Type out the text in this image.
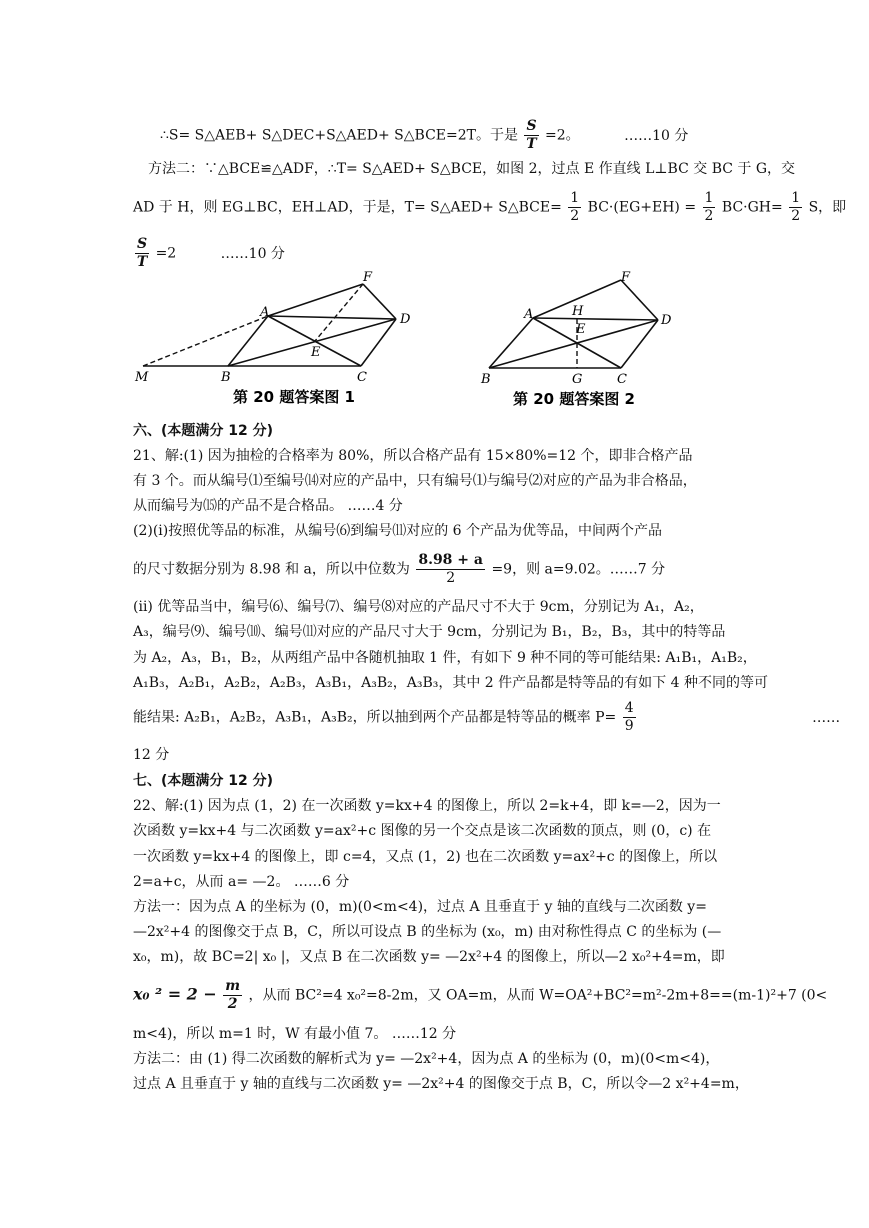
∴S= S△AEB+ S△DEC+S△AED+ S△BCE=2T。于是 $\frac{S}{T} =2$。	……10 分
方法二：∵△BCE≌△ADF，∴T= S△AED+ S△BCE，如图 2，过点 E 作直线 L⊥BC 交 BC 于 G，交
AD 于 H，则 EG⊥BC，EH⊥AD，于是，T= S△AED+ S△BCE= $\frac{1}{2} BC\cdot(EG+EH) = \frac{1}{2} BC\cdot GH= \frac{1}{2}$ S，即
$\frac{S}{T} =2$	……10 分
A
B	C
D
E
F
M
第 20 题答案图 1
A
B	C
D
E
F
G
H
第 20 题答案图 2
六、(本题满分 12 分)
21、解:(1) 因为抽检的合格率为 80%，所以合格产品有 15×80%=12 个，即非合格产品
有 3 个。而从编号⑴至编号⒁对应的产品中，只有编号⑴与编号⑵对应的产品为非合格品，
从而编号为⒂的产品不是合格品。 ……4 分
(2)(ⅰ)按照优等品的标准，从编号⑹到编号⑾对应的 6 个产品为优等品，中间两个产品
的尺寸数据分别为 8.98 和 a，所以中位数为 $\frac{8.98 + a}{2} =9$，则 a=9.02。……7 分
(ⅱ) 优等品当中，编号⑹、编号⑺、编号⑻对应的产品尺寸不大于 9cm，分别记为 A₁，A₂，
A₃，编号⑼、编号⑽、编号⑾对应的产品尺寸大于 9cm，分别记为 B₁，B₂，B₃，其中的特等品
为 A₂，A₃，B₁，B₂，从两组产品中各随机抽取 1 件，有如下 9 种不同的等可能结果: A₁B₁，A₁B₂，
A₁B₃，A₂B₁，A₂B₂，A₂B₃，A₃B₁，A₃B₂，A₃B₃，其中 2 件产品都是特等品的有如下 4 种不同的等可
能结果: A₂B₁，A₂B₂，A₃B₁，A₃B₂，所以抽到两个产品都是特等品的概率 $P= \frac{4}{9}$	……
12 分
七、(本题满分 12 分)
22、解:(1) 因为点 (1，2) 在一次函数 y=kx+4 的图像上，所以 2=k+4，即 k=—2，因为一
次函数 y=kx+4 与二次函数 y=ax²+c 图像的另一个交点是该二次函数的顶点，则 (0，c) 在
一次函数 y=kx+4 的图像上，即 c=4，又点 (1，2) 也在二次函数 y=ax²+c 的图像上，所以
2=a+c，从而 a= —2。 ……6 分
方法一：因为点 A 的坐标为 (0，m)(0<m<4)，过点 A 且垂直于 y 轴的直线与二次函数 y=
—2x²+4 的图像交于点 B，C，所以可设点 B 的坐标为 (x₀，m) 由对称性得点 C 的坐标为 (—
x₀，m)，故 BC=2| x₀ |，又点 B 在二次函数 y= —2x²+4 的图像上，所以—2 x₀²+4=m，即
x₀ $^2 = 2 - \frac{m}{2}$ ，从而 BC²=4 x₀²=8-2m，又 OA=m，从而 W=OA²+BC²=m²-2m+8==(m-1)²+7 (0<
m<4)，所以 m=1 时，W 有最小值 7。 ……12 分
方法二：由 (1) 得二次函数的解析式为 y= —2x²+4，因为点 A 的坐标为 (0，m)(0<m<4)，
过点 A 且垂直于 y 轴的直线与二次函数 y= —2x²+4 的图像交于点 B，C，所以令—2 x²+4=m，
